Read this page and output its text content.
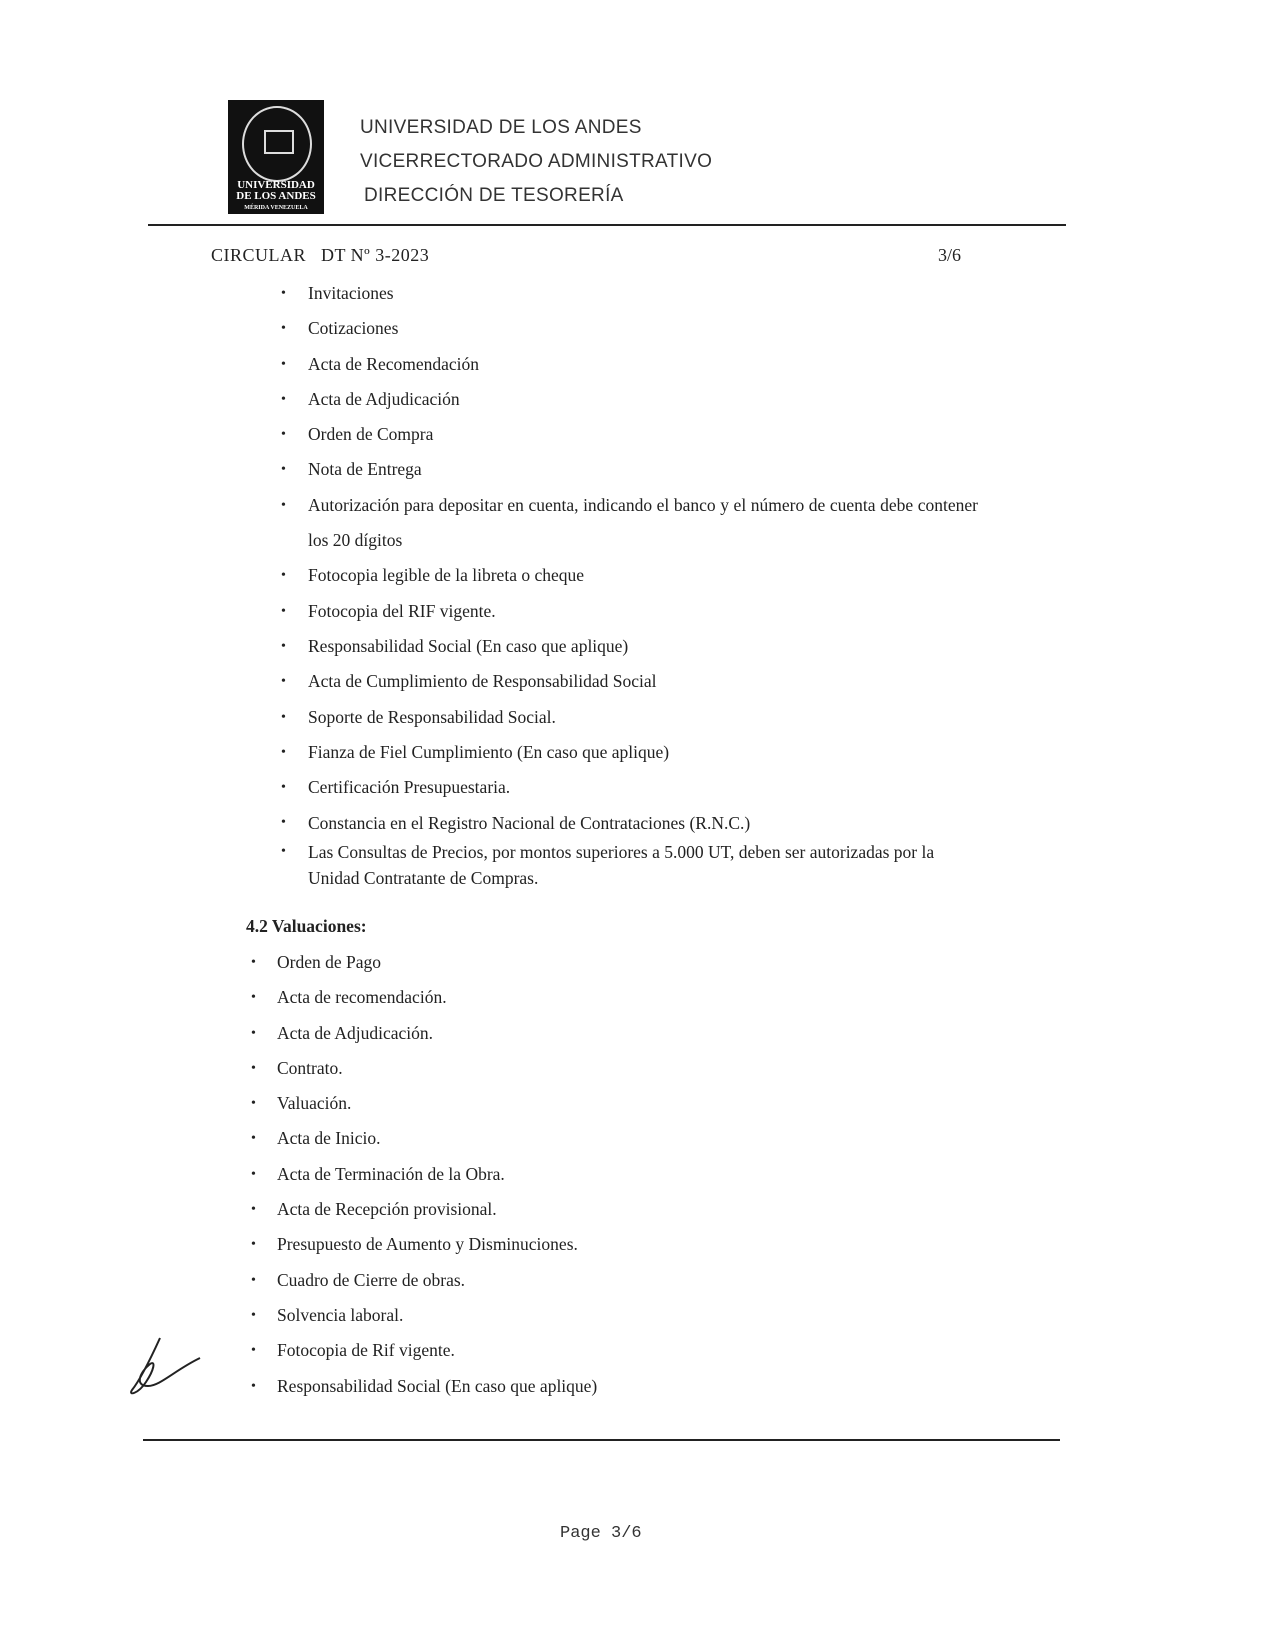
UNIVERSIDAD
DE LOS ANDES
MÉRIDA VENEZUELA
UNIVERSIDAD DE LOS ANDES
VICERRECTORADO ADMINISTRATIVO
DIRECCIÓN DE TESORERÍA
CIRCULAR   DT Nº 3-2023	3/6
• Invitaciones
• Cotizaciones
• Acta de Recomendación
• Acta de Adjudicación
• Orden de Compra
• Nota de Entrega
• Autorización para depositar en cuenta, indicando el banco y el número de cuenta debe contener los 20 dígitos
• Fotocopia legible de la libreta o cheque
• Fotocopia del RIF vigente.
• Responsabilidad Social (En caso que aplique)
• Acta de Cumplimiento de Responsabilidad Social
• Soporte de Responsabilidad Social.
• Fianza de Fiel Cumplimiento (En caso que aplique)
• Certificación Presupuestaria.
• Constancia en el Registro Nacional de Contrataciones (R.N.C.)
• Las Consultas de Precios, por montos superiores a 5.000 UT, deben ser autorizadas por la Unidad Contratante de Compras.
4.2 Valuaciones:
• Orden de Pago
• Acta de recomendación.
• Acta de Adjudicación.
• Contrato.
• Valuación.
• Acta de Inicio.
• Acta de Terminación de la Obra.
• Acta de Recepción provisional.
• Presupuesto de Aumento y Disminuciones.
• Cuadro de Cierre de obras.
• Solvencia laboral.
• Fotocopia de Rif vigente.
• Responsabilidad Social (En caso que aplique)
Page 3/6
